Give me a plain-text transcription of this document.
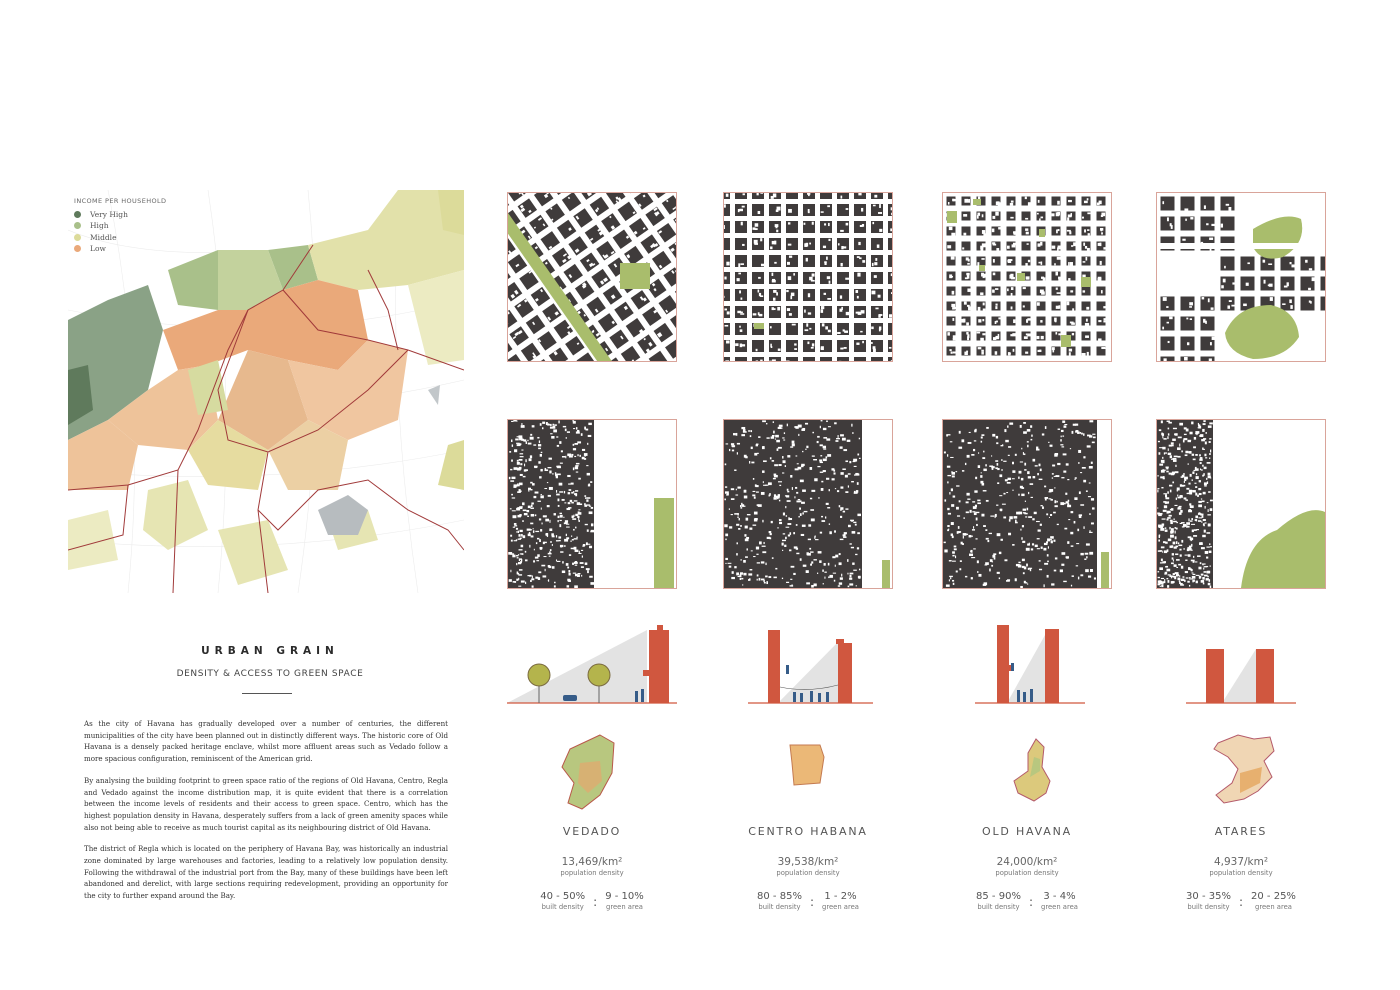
INCOME PER HOUSEHOLD
Very High
High
Middle
Low
URBAN GRAIN
DENSITY & ACCESS TO GREEN SPACE

As the city of Havana has gradually developed over a number of centuries, the different municipalities of the city have been planned out in distinctly different ways. The historic core of Old Havana is a densely packed heritage enclave, whilst more affluent areas such as Vedado follow a more spacious configuration, reminiscent of the American grid.

By analysing the building footprint to green space ratio of the regions of Old Havana, Centro, Regla and Vedado against the income distribution map, it is quite evident that there is a correlation between the income levels of residents and their access to green space. Centro, which has the highest population density in Havana, desperately suffers from a lack of green amenity spaces while also not being able to receive as much tourist capital as its neighbouring district of Old Havana.

The district of Regla which is located on the periphery of Havana Bay, was historically an industrial zone dominated by large warehouses and factories, leading to a relatively low population density. Following the withdrawal of the industrial port from the Bay, many of these buildings have been left abandoned and derelict, with large sections requiring redevelopment, providing an opportunity for the city to further expand around the Bay.

VEDADO	CENTRO HABANA	OLD HAVANA	ATARES
13,469/km²
population density
39,538/km²
population density
24,000/km²
population density
4,937/km²
population density
40 - 50%
built density : 9 - 10%
green area
80 - 85%
built density : 1 - 2%
green area
85 - 90%
built density : 3 - 4%
green area
30 - 35%
built density : 20 - 25%
green area
